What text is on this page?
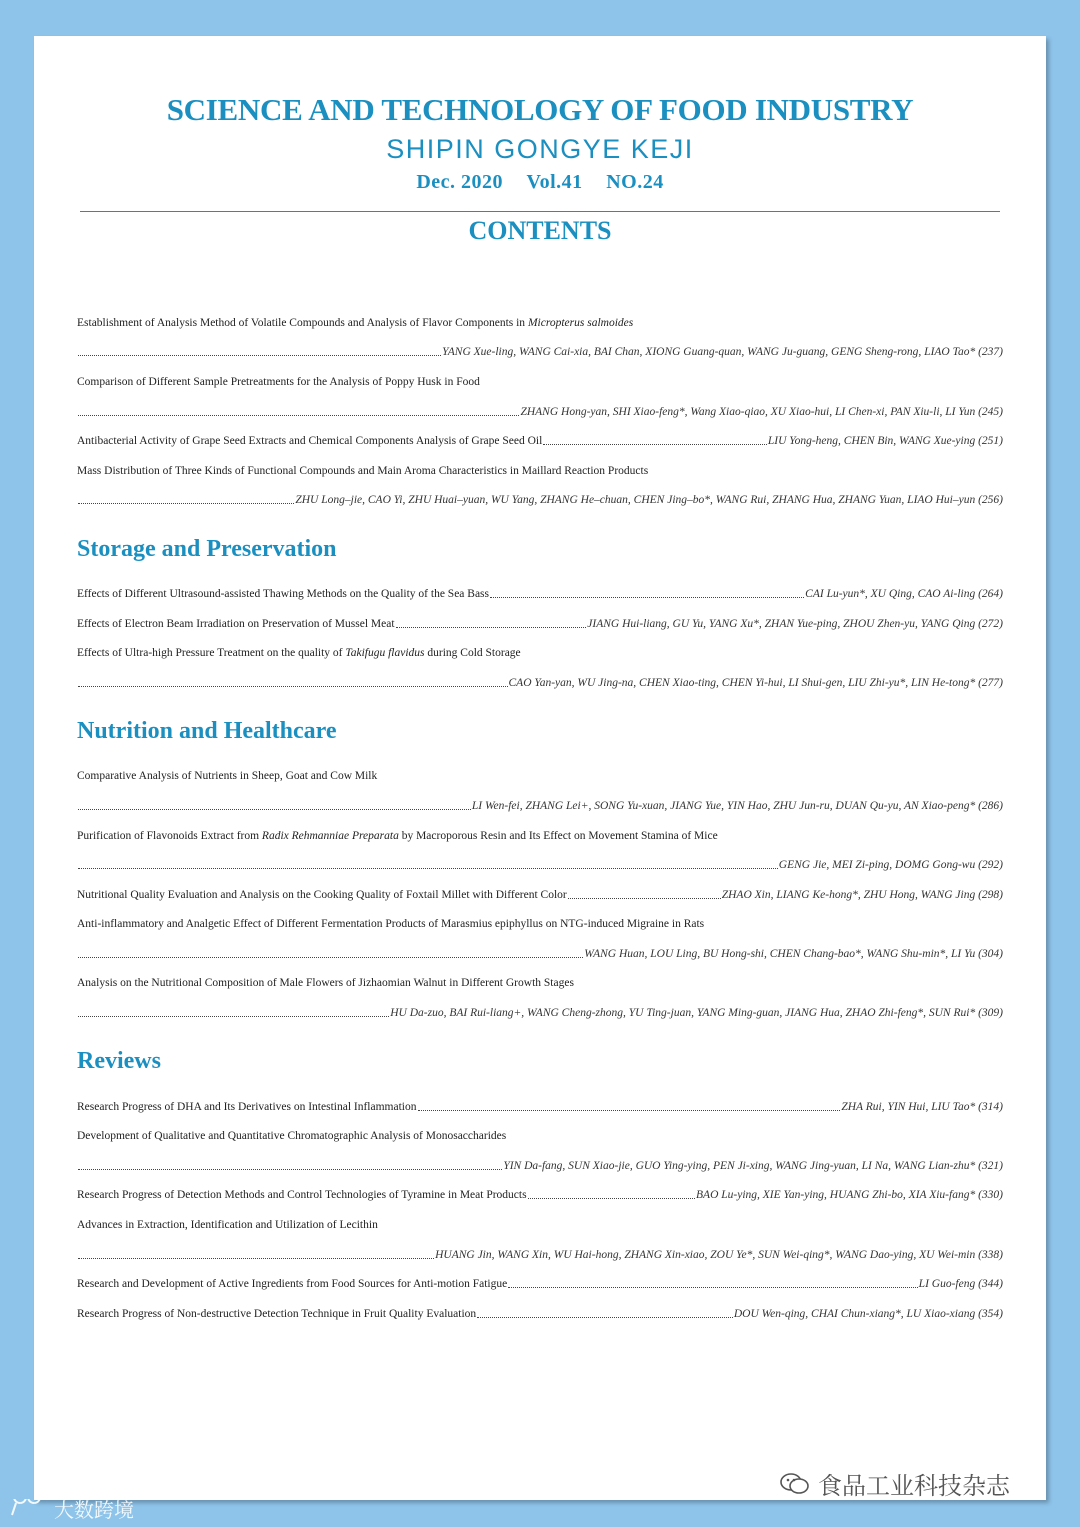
SCIENCE AND TECHNOLOGY OF FOOD INDUSTRY
SHIPIN GONGYE KEJI
Dec. 2020 Vol.41 NO.24
CONTENTS
Establishment of Analysis Method of Volatile Compounds and Analysis of Flavor Components in Micropterus salmoides
YANG Xue-ling, WANG Cai-xia, BAI Chan, XIONG Guang-quan, WANG Ju-guang, GENG Sheng-rong, LIAO Tao* (237)
Comparison of Different Sample Pretreatments for the Analysis of Poppy Husk in Food
ZHANG Hong-yan, SHI Xiao-feng*, Wang Xiao-qiao, XU Xiao-hui, LI Chen-xi, PAN Xiu-li, LI Yun (245)
Antibacterial Activity of Grape Seed Extracts and Chemical Components Analysis of Grape Seed Oil	LIU Yong-heng, CHEN Bin, WANG Xue-ying (251)
Mass Distribution of Three Kinds of Functional Compounds and Main Aroma Characteristics in Maillard Reaction Products
ZHU Long–jie, CAO Yi, ZHU Huai–yuan, WU Yang, ZHANG He–chuan, CHEN Jing–bo*, WANG Rui, ZHANG Hua, ZHANG Yuan, LIAO Hui–yun (256)
Storage and Preservation
Effects of Different Ultrasound-assisted Thawing Methods on the Quality of the Sea Bass	CAI Lu-yun*, XU Qing, CAO Ai-ling (264)
Effects of Electron Beam Irradiation on Preservation of Mussel Meat	JIANG Hui-liang, GU Yu, YANG Xu*, ZHAN Yue-ping, ZHOU Zhen-yu, YANG Qing (272)
Effects of Ultra-high Pressure Treatment on the quality of Takifugu flavidus during Cold Storage
CAO Yan-yan, WU Jing-na, CHEN Xiao-ting, CHEN Yi-hui, LI Shui-gen, LIU Zhi-yu*, LIN He-tong* (277)
Nutrition and Healthcare
Comparative Analysis of Nutrients in Sheep, Goat and Cow Milk
LI Wen-fei, ZHANG Lei+, SONG Yu-xuan, JIANG Yue, YIN Hao, ZHU Jun-ru, DUAN Qu-yu, AN Xiao-peng* (286)
Purification of Flavonoids Extract from Radix Rehmanniae Preparata by Macroporous Resin and Its Effect on Movement Stamina of Mice
GENG Jie, MEI Zi-ping, DOMG Gong-wu (292)
Nutritional Quality Evaluation and Analysis on the Cooking Quality of Foxtail Millet with Different Color	ZHAO Xin, LIANG Ke-hong*, ZHU Hong, WANG Jing (298)
Anti-inflammatory and Analgetic Effect of Different Fermentation Products of Marasmius epiphyllus on NTG-induced Migraine in Rats
WANG Huan, LOU Ling, BU Hong-shi, CHEN Chang-bao*, WANG Shu-min*, LI Yu (304)
Analysis on the Nutritional Composition of Male Flowers of Jizhaomian Walnut in Different Growth Stages
HU Da-zuo, BAI Rui-liang+, WANG Cheng-zhong, YU Ting-juan, YANG Ming-guan, JIANG Hua, ZHAO Zhi-feng*, SUN Rui* (309)
Reviews
Research Progress of DHA and Its Derivatives on Intestinal Inflammation	ZHA Rui, YIN Hui, LIU Tao* (314)
Development of Qualitative and Quantitative Chromatographic Analysis of Monosaccharides
YIN Da-fang, SUN Xiao-jie, GUO Ying-ying, PEN Ji-xing, WANG Jing-yuan, LI Na, WANG Lian-zhu* (321)
Research Progress of Detection Methods and Control Technologies of Tyramine in Meat Products	BAO Lu-ying, XIE Yan-ying, HUANG Zhi-bo, XIA Xiu-fang* (330)
Advances in Extraction, Identification and Utilization of Lecithin
HUANG Jin, WANG Xin, WU Hai-hong, ZHANG Xin-xiao, ZOU Ye*, SUN Wei-qing*, WANG Dao-ying, XU Wei-min (338)
Research and Development of Active Ingredients from Food Sources for Anti-motion Fatigue	LI Guo-feng (344)
Research Progress of Non-destructive Detection Technique in Fruit Quality Evaluation	DOU Wen-qing, CHAI Chun-xiang*, LU Xiao-xiang (354)
食品工业科技杂志
大数跨境
